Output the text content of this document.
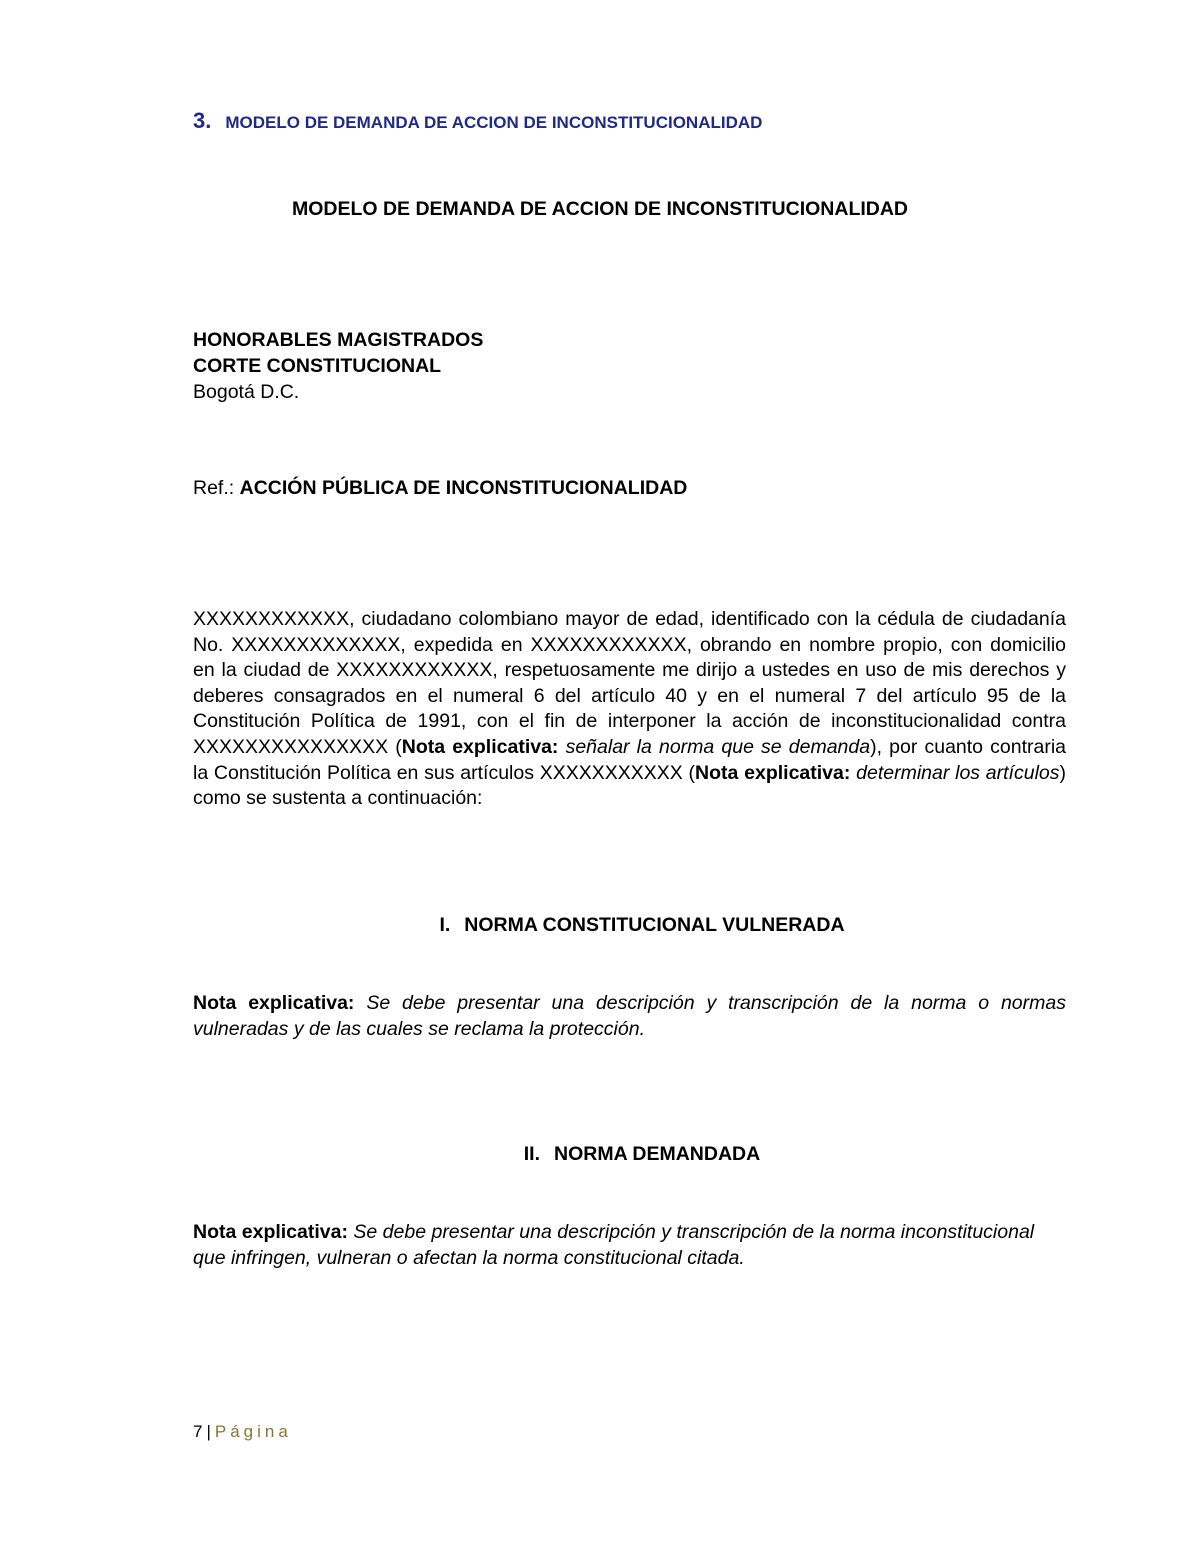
3. MODELO DE DEMANDA DE ACCION DE INCONSTITUCIONALIDAD
MODELO DE DEMANDA DE ACCION DE INCONSTITUCIONALIDAD
HONORABLES MAGISTRADOS
CORTE CONSTITUCIONAL
Bogotá D.C.
Ref.: ACCIÓN PÚBLICA DE INCONSTITUCIONALIDAD
XXXXXXXXXXXX, ciudadano colombiano mayor de edad, identificado con la cédula de ciudadanía No. XXXXXXXXXXXXX, expedida en XXXXXXXXXXXX, obrando en nombre propio, con domicilio en la ciudad de XXXXXXXXXXXX, respetuosamente me dirijo a ustedes en uso de mis derechos y deberes consagrados en el numeral 6 del artículo 40 y en el numeral 7 del artículo 95 de la Constitución Política de 1991, con el fin de interponer la acción de inconstitucionalidad contra XXXXXXXXXXXXXXX (Nota explicativa: señalar la norma que se demanda), por cuanto contraria la Constitución Política en sus artículos XXXXXXXXXXX (Nota explicativa: determinar los artículos) como se sustenta a continuación:
I. NORMA CONSTITUCIONAL VULNERADA
Nota explicativa: Se debe presentar una descripción y transcripción de la norma o normas vulneradas y de las cuales se reclama la protección.
II. NORMA DEMANDADA
Nota explicativa: Se debe presentar una descripción y transcripción de la norma inconstitucional que infringen, vulneran o afectan la norma constitucional citada.
7 | Página
